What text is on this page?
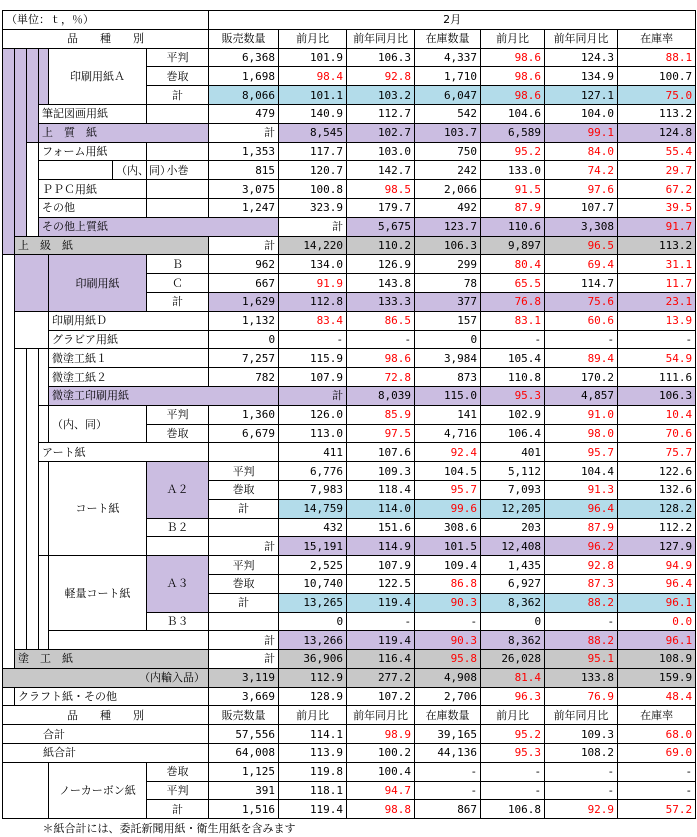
（単位：ｔ，％）							2月							
品　　種　　別							販売数量	前月比	前年同月比	在庫数量	前月比	前年同月比	在庫率	
				印刷用紙Ａ		平判	6,368	101.9	106.3	4,337	98.6	124.3	88.1	
						巻取	1,698	98.4	92.8	1,710	98.6	134.9	100.7	
						計	8,066	101.1	103.2	6,047	98.6	127.1	75.0	
			筆記図画用紙				479	140.9	112.7	542	104.6	104.0	113.2	
			上　質　紙				計	8,545	102.7	103.7	6,589	99.1	124.8	
			フォーム用紙				1,353	117.7	103.0	750	95.2	84.0	55.4	
					（内、同）	小巻	815	120.7	142.7	242	133.0	74.2	29.7	
			ＰＰＣ用紙				3,075	100.8	98.5	2,066	91.5	97.6	67.2	
			その他				1,247	323.9	179.7	492	87.9	107.7	39.5	
			その他上質紙					計	5,675	123.7	110.6	3,308	91.7		
	上　級　紙						計	14,220	110.2	106.3	9,897	96.5	113.2	
				印刷用紙		Ｂ	962	134.0	126.9	299	80.4	69.4	31.1	
						Ｃ	667	91.9	143.8	78	65.5	114.7	11.7	
						計	1,629	112.8	133.3	377	76.8	75.6	23.1	
				印刷用紙Ｄ			1,132	83.4	86.5	157	83.1	60.6	13.9	
				グラビア用紙			0	-	-	0	-	-	-	
				微塗工紙１			7,257	115.9	98.6	3,984	105.4	89.4	54.9	
				微塗工紙２			782	107.9	72.8	873	110.8	170.2	111.6	
				微塗工印刷用紙				計	8,039	115.0	95.3	4,857	106.3		
				（内、同）		平判	1,360	126.0	85.9	141	102.9	91.0	10.4	
						巻取	6,679	113.0	97.5	4,716	106.4	98.0	70.6	
			アート紙					411	107.6	92.4	401	95.7	75.7	
				コート紙		Ａ２	平判	6,776	109.3	104.5	5,112	104.4	122.6	
							巻取	7,983	118.4	95.7	7,093	91.3	132.6	
							計	14,759	114.0	99.6	12,205	96.4	128.2	
						Ｂ２		432	151.6	308.6	203	87.9	112.2	
							計	15,191	114.9	101.5	12,408	96.2	127.9	
				軽量コート紙		Ａ３	平判	2,525	107.9	109.4	1,435	92.8	94.9	
							巻取	10,740	122.5	86.8	6,927	87.3	96.4	
							計	13,265	119.4	90.3	8,362	88.2	96.1	
						Ｂ３		0	-	-	0	-	0.0	
							計	13,266	119.4	90.3	8,362	88.2	96.1	
	塗　工　紙						計	36,906	116.4	95.8	26,028	95.1	108.9	
（内輸入品）							3,119	112.9	277.2	4,908	81.4	133.8	159.9	
	クラフト紙・その他						3,669	128.9	107.2	2,706	96.3	76.9	48.4	
品　　種　　別							販売数量	前月比	前年同月比	在庫数量	前月比	前年同月比	在庫率	
合計							57,556	114.1	98.9	39,165	95.2	109.3	68.0	
紙合計							64,008	113.9	100.2	44,136	95.3	108.2	69.0	
				ノーカーボン紙		巻取	1,125	119.8	100.4	-	-	-	-	
						平判	391	118.1	94.7	-	-	-	-	
						計	1,516	119.4	98.8	867	106.8	92.9	57.2	
＊紙合計には、委託新聞用紙・衛生用紙を含みます														
